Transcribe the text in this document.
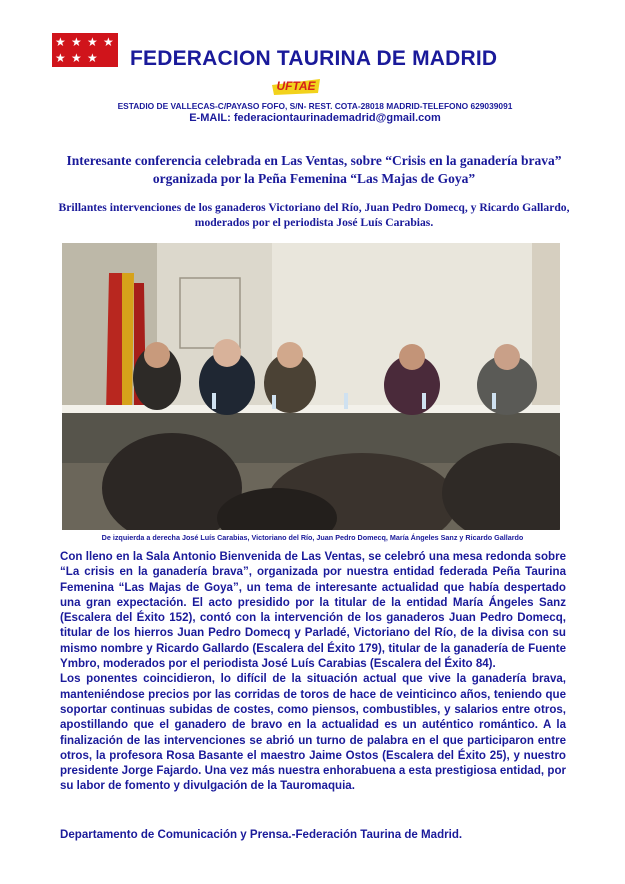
★ ★ ★ ★
★ ★ ★ FEDERACION TAURINA DE MADRID
UFTAE
ESTADIO DE VALLECAS-C/PAYASO FOFO, S/N- REST. COTA-28018 MADRID-TELEFONO 629039091
E-MAIL: federaciontaurinademadrid@gmail.com
Interesante conferencia celebrada en Las Ventas, sobre “Crisis en la ganadería brava” organizada por la Peña Femenina “Las Majas de Goya”
Brillantes intervenciones de los ganaderos Victoriano del Río, Juan Pedro Domecq, y Ricardo Gallardo, moderados por el periodista José Luís Carabias.
De izquierda a derecha José Luís Carabias, Victoriano del Río, Juan Pedro Domecq, María Ángeles Sanz y Ricardo Gallardo

Con lleno en la Sala Antonio Bienvenida de Las Ventas, se celebró una mesa redonda sobre “La crisis en la ganadería brava”, organizada por nuestra entidad federada Peña Taurina Femenina “Las Majas de Goya”, un tema de interesante actualidad que había despertado una gran expectación. El acto presidido por la titular de la entidad María Ángeles Sanz (Escalera del Éxito 152), contó con la intervención de los ganaderos Juan Pedro Domecq, titular de los hierros Juan Pedro Domecq y Parladé, Victoriano del Río, de la divisa con su mismo nombre y Ricardo Gallardo (Escalera del Éxito 179), titular de la ganadería de Fuente Ymbro, moderados por el periodista José Luís Carabias (Escalera del Éxito 84).

Los ponentes coincidieron, lo difícil de la situación actual que vive la ganadería brava, manteniéndose precios por las corridas de toros de hace de veinticinco años, teniendo que soportar continuas subidas de costes, como piensos, combustibles, y salarios entre otros, apostillando que el ganadero de bravo en la actualidad es un auténtico romántico. A la finalización de las intervenciones se abrió un turno de palabra en el que participaron entre otros, la profesora Rosa Basante el maestro Jaime Ostos (Escalera del Éxito 25), y nuestro presidente Jorge Fajardo. Una vez más nuestra enhorabuena a esta prestigiosa entidad, por su labor de fomento y divulgación de la Tauromaquia.

Departamento de Comunicación y Prensa.-Federación Taurina de Madrid.
